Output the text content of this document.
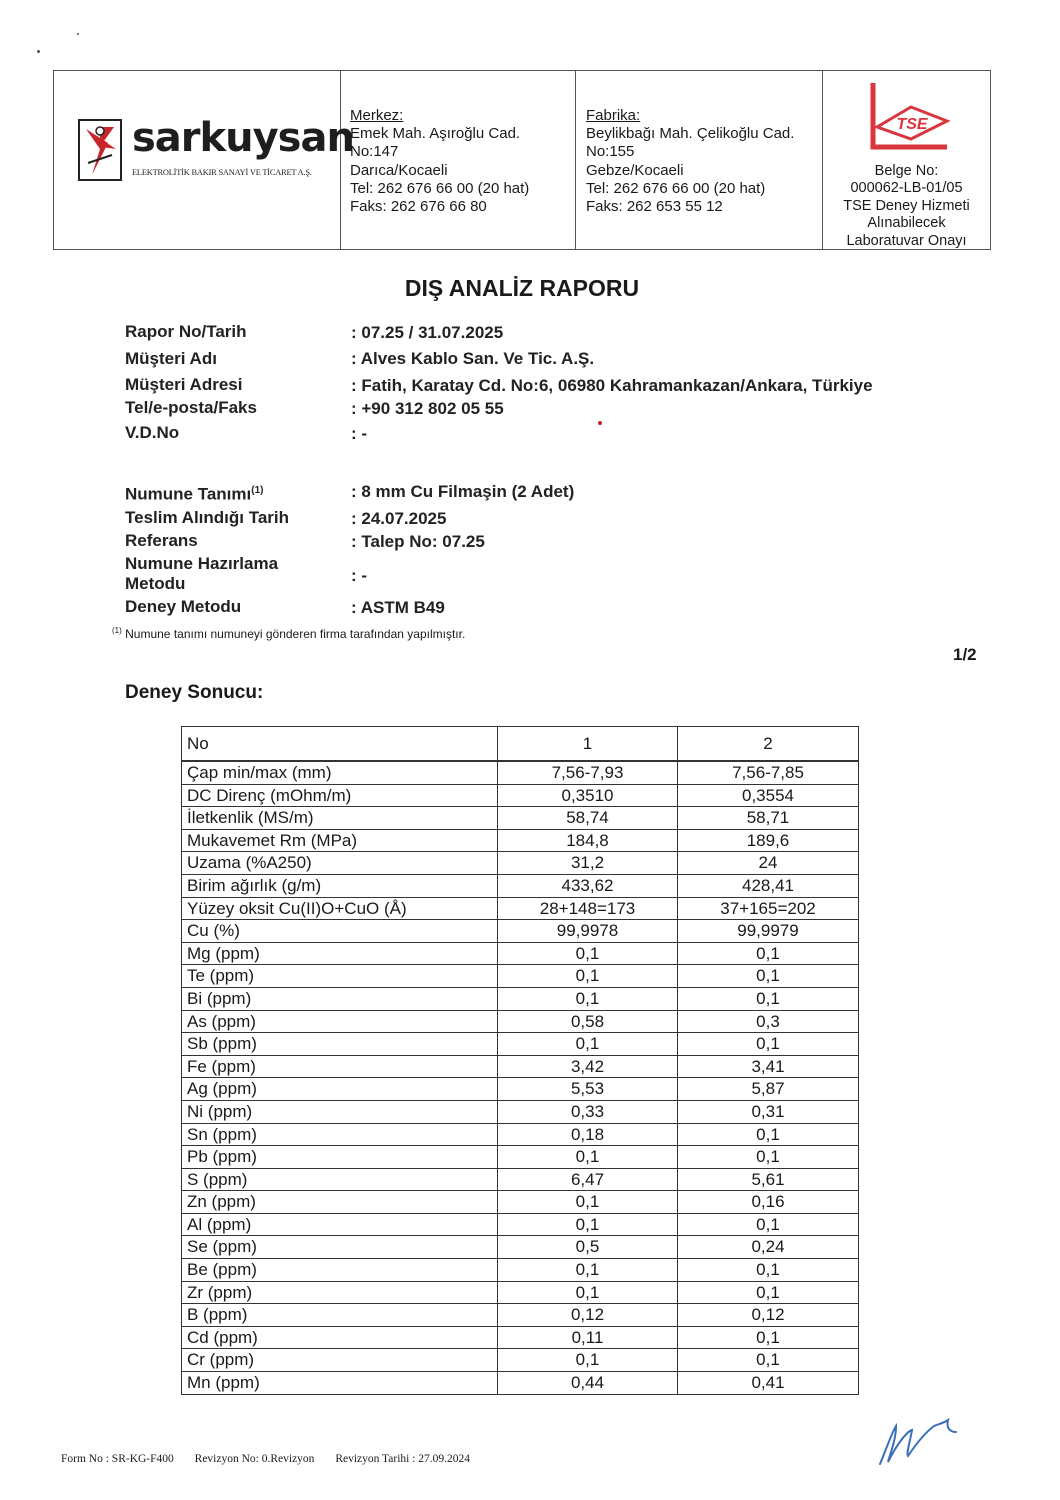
sarkuysan
ELEKTROLİTİK BAKIR SANAYİ VE TİCARET A.Ş.
Merkez:
Emek Mah. Aşıroğlu Cad.
No:147
Darıca/Kocaeli
Tel: 262 676 66 00 (20 hat)
Faks: 262 676 66 80
Fabrika:
Beylikbağı Mah. Çelikoğlu Cad.
No:155
Gebze/Kocaeli
Tel: 262 676 66 00 (20 hat)
Faks: 262 653 55 12
TSE
Belge No:
000062-LB-01/05
TSE Deney Hizmeti
Alınabilecek
Laboratuvar Onayı
DIŞ ANALİZ RAPORU
Rapor No/Tarih	: 07.25 / 31.07.2025
Müşteri Adı	: Alves Kablo San. Ve Tic. A.Ş.
Müşteri Adresi	: Fatih, Karatay Cd. No:6, 06980 Kahramankazan/Ankara, Türkiye
Tel/e-posta/Faks	: +90 312 802 05 55
V.D.No	: -
Numune Tanımı$^{(1)}$	: 8 mm Cu Filmaşin (2 Adet)
Teslim Alındığı Tarih	: 24.07.2025
Referans	: Talep No: 07.25
Numune Hazırlama
Metodu	: -
Deney Metodu	: ASTM B49
$^{(1)}$ Numune tanımı numuneyi gönderen firma tarafından yapılmıştır.
1/2
Deney Sonucu:
No	1	2
Çap min/max (mm)	7,56-7,93	7,56-7,85
DC Direnç (mOhm/m)	0,3510	0,3554
İletkenlik (MS/m)	58,74	58,71
Mukavemet Rm (MPa)	184,8	189,6
Uzama (%A250)	31,2	24
Birim ağırlık (g/m)	433,62	428,41
Yüzey oksit Cu(II)O+CuO (Å)	28+148=173	37+165=202
Cu (%)	99,9978	99,9979
Mg (ppm)	0,1	0,1
Te (ppm)	0,1	0,1
Bi (ppm)	0,1	0,1
As (ppm)	0,58	0,3
Sb (ppm)	0,1	0,1
Fe (ppm)	3,42	3,41
Ag (ppm)	5,53	5,87
Ni (ppm)	0,33	0,31
Sn (ppm)	0,18	0,1
Pb (ppm)	0,1	0,1
S (ppm)	6,47	5,61
Zn (ppm)	0,1	0,16
Al (ppm)	0,1	0,1
Se (ppm)	0,5	0,24
Be (ppm)	0,1	0,1
Zr (ppm)	0,1	0,1
B (ppm)	0,12	0,12
Cd (ppm)	0,11	0,1
Cr (ppm)	0,1	0,1
Mn (ppm)	0,44	0,41
Form No : SR-KG-F400 Revizyon No: 0.Revizyon Revizyon Tarihi : 27.09.2024
